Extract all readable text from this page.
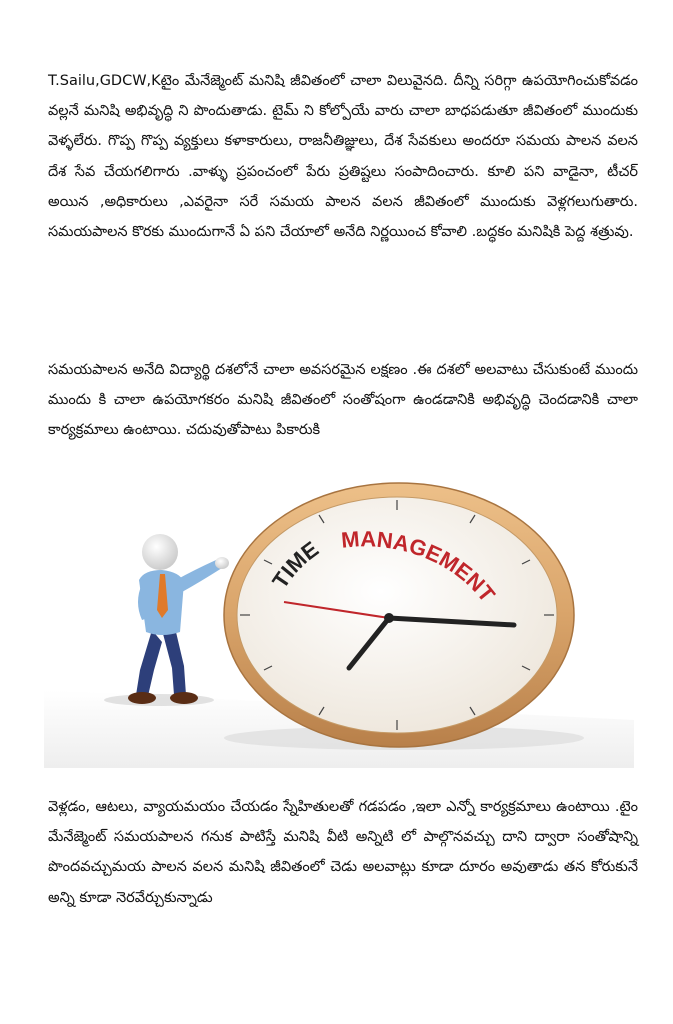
T.Sailu,GDCW,Kటైం మేనేజ్మెంట్ మనిషి జీవితంలో చాలా విలువైనది. దీన్ని సరిగ్గా ఉపయోగించుకోవడం వల్లనే మనిషి అభివృద్ధి ని పొందుతాడు. టైమ్ ని కోల్పోయే వారు చాలా బాధపడుతూ జీవితంలో ముందుకు వెళ్ళలేరు. గొప్ప గొప్ప వ్యక్తులు కళాకారులు, రాజనీతిజ్ఞులు, దేశ సేవకులు అందరూ సమయ పాలన వలన దేశ సేవ చేయగలిగారు .వాళ్ళు ప్రపంచంలో పేరు ప్రతిష్టలు సంపాదించారు. కూలి పని వాడైనా, టీచర్ అయిన ,అధికారులు ,ఎవరైనా సరే సమయ పాలన వలన జీవితంలో ముందుకు వెళ్లగలుగుతారు. సమయపాలన కొరకు ముందుగానే ఏ పని చేయాలో అనేది నిర్ణయించ కోవాలి .బద్ధకం మనిషికి పెద్ద శత్రువు.
సమయపాలన అనేది విద్యార్థి దశలోనే చాలా అవసరమైన లక్షణం .ఈ దశలో అలవాటు చేసుకుంటే ముందు ముందు కి చాలా ఉపయోగకరం మనిషి జీవితంలో సంతోషంగా ఉండడానికి అభివృద్ధి చెందడానికి చాలా కార్యక్రమాలు ఉంటాయి. చదువుతోపాటు పికారుకి
TIME MANAGEMENT
వెళ్లడం, ఆటలు, వ్యాయమయం చేయడం స్నేహితులతో గడపడం ,ఇలా ఎన్నో కార్యక్రమాలు ఉంటాయి .టైం మేనేజ్మెంట్ సమయపాలన గనుక పాటిస్తే మనిషి వీటి అన్నిటి లో పాల్గొనవచ్చు దాని ద్వారా సంతోషాన్ని పొందవచ్చుమయ పాలన వలన మనిషి జీవితంలో చెడు అలవాట్లు కూడా దూరం అవుతాడు తన కోరుకునే అన్ని కూడా నెరవేర్చుకున్నాడు
